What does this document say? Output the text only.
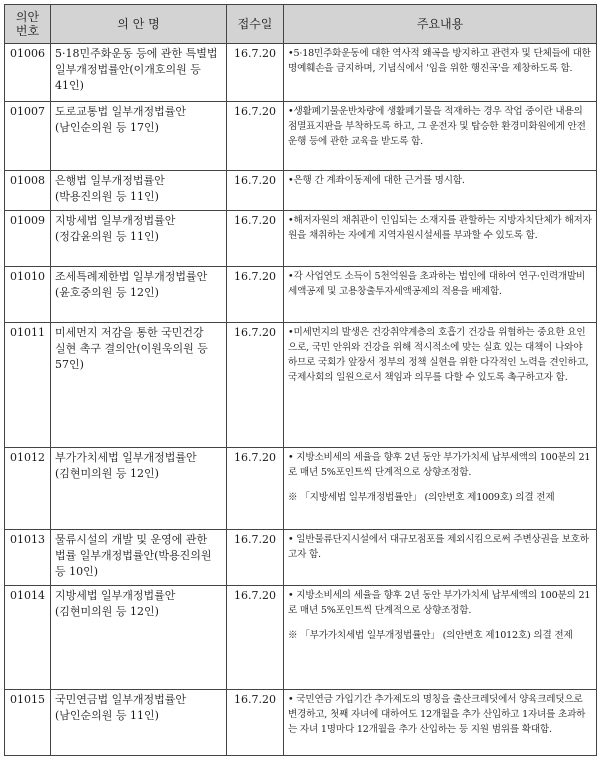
의안
번호	의 안 명	접수일	주요내용
01006	5·18민주화운동 등에 관한 특별법 일부개정법률안(이개호의원 등 41인)	16.7.20	•5·18민주화운동에 대한 역사적 왜곡을 방지하고 관련자 및 단체들에 대한 명예훼손을 금지하며, 기념식에서 '임을 위한 행진곡'을 제창하도록 함.

01007	도로교통법 일부개정법률안(남인순의원 등 17인)	16.7.20	•생활폐기물운반차량에 생활폐기물을 적재하는 경우 작업 중이란 내용의 점멸표지판을 부착하도록 하고, 그 운전자 및 탑승한 환경미화원에게 안전운행 등에 관한 교육을 받도록 함.

01008	은행법 일부개정법률안(박용진의원 등 11인)	16.7.20	•은행 간 계좌이동제에 대한 근거를 명시함.

01009	지방세법 일부개정법률안(정갑윤의원 등 11인)	16.7.20	•해저자원의 채취관이 인입되는 소재지를 관할하는 지방자치단체가 해저자원을 채취하는 자에게 지역자원시설세를 부과할 수 있도록 함.

01010	조세특례제한법 일부개정법률안(윤호중의원 등 12인)	16.7.20	•각 사업연도 소득이 5천억원을 초과하는 법인에 대하여 연구·인력개발비 세액공제 및 고용창출투자세액공제의 적용을 배제함.

01011	미세먼지 저감을 통한 국민건강 실현 촉구 결의안(이원욱의원 등 57인)	16.7.20	•미세먼지의 발생은 건강취약계층의 호흡기 건강을 위협하는 중요한 요인으로, 국민 안위와 건강을 위해 적시적소에 맞는 실효 있는 대책이 나와야 하므로 국회가 앞장서 정부의 정책 실현을 위한 다각적인 노력을 견인하고, 국제사회의 일원으로서 책임과 의무를 다할 수 있도록 촉구하고자 함.

01012	부가가치세법 일부개정법률안(김현미의원 등 12인)	16.7.20	• 지방소비세의 세율을 향후 2년 동안 부가가치세 납부세액의 100분의 21로 매년 5%포인트씩 단계적으로 상향조정함.
※ 「지방세법 일부개정법률안」 (의안번호 제1009호) 의결 전제

01013	물류시설의 개발 및 운영에 관한 법률 일부개정법률안(박용진의원 등 10인)	16.7.20	• 일반물류단지시설에서 대규모점포를 제외시킴으로써 주변상권을 보호하고자 함.

01014	지방세법 일부개정법률안(김현미의원 등 12인)	16.7.20	• 지방소비세의 세율을 향후 2년 동안 부가가치세 납부세액의 100분의 21로 매년 5%포인트씩 단계적으로 상향조정함.
※ 「부가가치세법 일부개정법률안」 (의안번호 제1012호) 의결 전제

01015	국민연금법 일부개정법률안(남인순의원 등 11인)	16.7.20	• 국민연금 가입기간 추가제도의 명칭을 출산크레딧에서 양육크레딧으로 변경하고, 첫째 자녀에 대하여도 12개월을 추가 산입하고 1자녀를 초과하는 자녀 1명마다 12개월을 추가 산입하는 등 지원 범위를 확대함.
